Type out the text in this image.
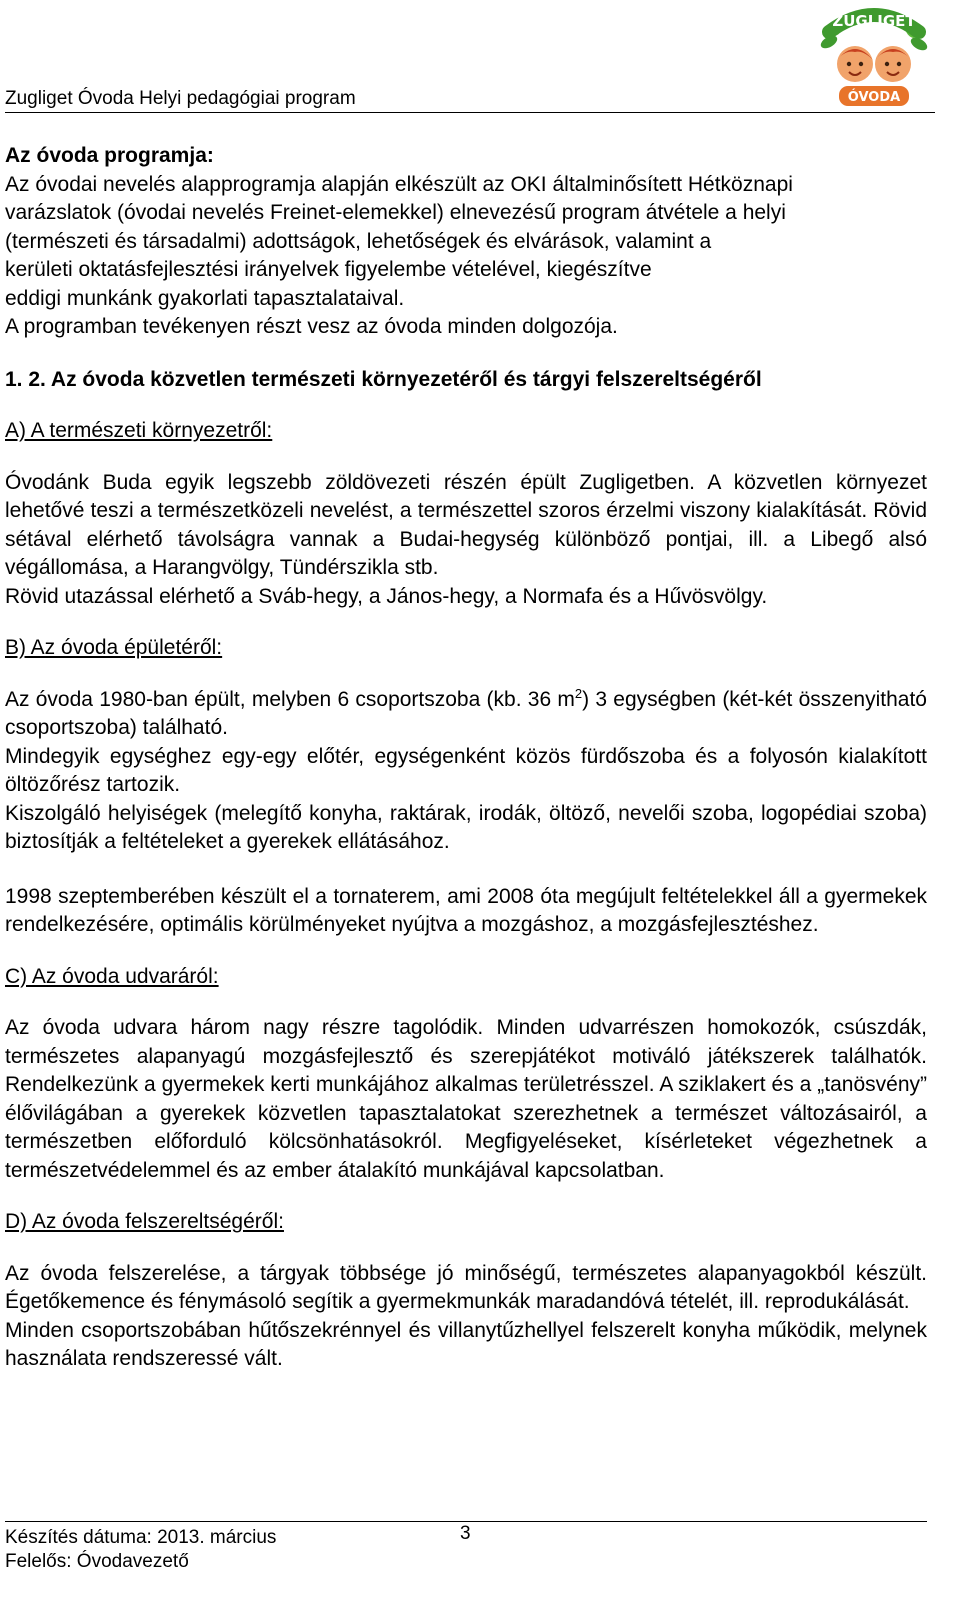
Zugliget Óvoda Helyi pedagógiai program
ZUGLIGET
ÓVODA

Az óvoda programja:

Az óvodai nevelés alapprogramja alapján elkészült az OKI általminősített Hétköznapi

varázslatok (óvodai nevelés Freinet-elemekkel) elnevezésű program átvétele a helyi

(természeti és társadalmi) adottságok, lehetőségek és elvárások, valamint a

kerületi oktatásfejlesztési irányelvek figyelembe vételével, kiegészítve

eddigi munkánk gyakorlati tapasztalataival.

A programban tevékenyen részt vesz az óvoda minden dolgozója.

1. 2. Az óvoda közvetlen természeti környezetéről és tárgyi felszereltségéről

A) A természeti környezetről:

Óvodánk Buda egyik legszebb zöldövezeti részén épült Zugligetben. A közvetlen környezet lehetővé teszi a természetközeli nevelést, a természettel szoros érzelmi viszony kialakítását. Rövid sétával elérhető távolságra vannak a Budai-hegység különböző pontjai, ill. a Libegő alsó végállomása, a Harangvölgy, Tündérszikla stb.

Rövid utazással elérhető a Sváb-hegy, a János-hegy, a Normafa és a Hűvösvölgy.

B) Az óvoda épületéről:

Az óvoda 1980-ban épült, melyben 6 csoportszoba (kb. 36 $m^2$) 3 egységben (két-két összenyitható csoportszoba) található.

Mindegyik egységhez egy-egy előtér, egységenként közös fürdőszoba és a folyosón kialakított öltözőrész tartozik.

Kiszolgáló helyiségek (melegítő konyha, raktárak, irodák, öltöző, nevelői szoba, logopédiai szoba) biztosítják a feltételeket a gyerekek ellátásához.

1998 szeptemberében készült el a tornaterem, ami 2008 óta megújult feltételekkel áll a gyermekek rendelkezésére, optimális körülményeket nyújtva a mozgáshoz, a mozgásfejlesztéshez.

C) Az óvoda udvaráról:

Az óvoda udvara három nagy részre tagolódik. Minden udvarrészen homokozók, csúszdák, természetes alapanyagú mozgásfejlesztő és szerepjátékot motiváló játékszerek találhatók. Rendelkezünk a gyermekek kerti munkájához alkalmas területrésszel. A sziklakert és a „tanösvény” élővilágában a gyerekek közvetlen tapasztalatokat szerezhetnek a természet változásairól, a természetben előforduló kölcsönhatásokról. Megfigyeléseket, kísérleteket végezhetnek a természetvédelemmel és az ember átalakító munkájával kapcsolatban.

D) Az óvoda felszereltségéről:

Az óvoda felszerelése, a tárgyak többsége jó minőségű, természetes alapanyagokból készült. Égetőkemence és fénymásoló segítik a gyermekmunkák maradandóvá tételét, ill. reprodukálását.

Minden csoportszobában hűtőszekrénnyel és villanytűzhellyel felszerelt konyha működik, melynek használata rendszeressé vált.

Készítés dátuma: 2013. március
Felelős: Óvodavezető
3
